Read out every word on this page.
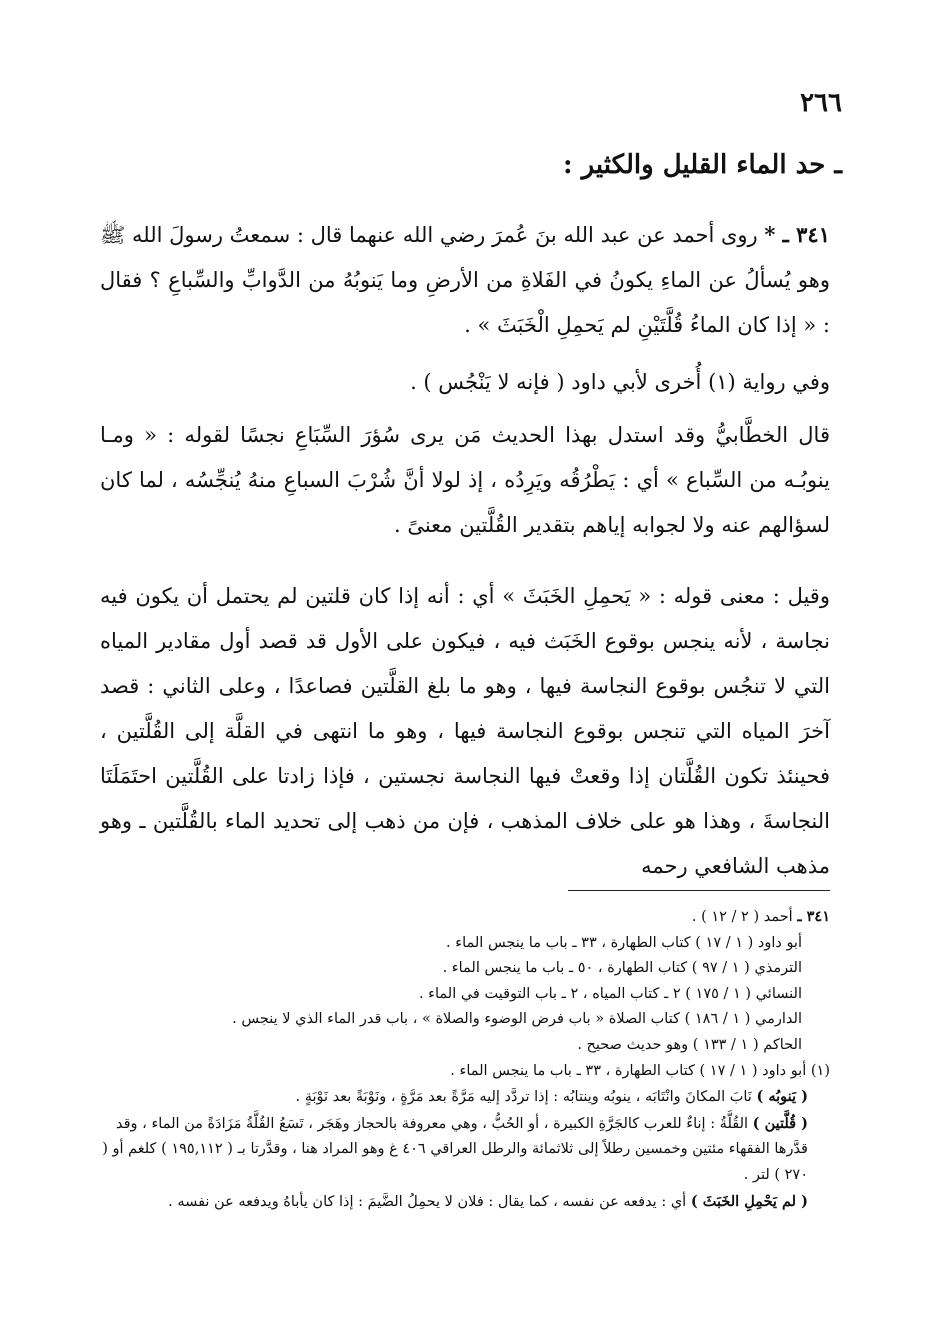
٢٦٦
ـ حد الماء القليل والكثير :

٣٤١ ـ * روى أحمد عن عبد الله بنَ عُمرَ رضي الله عنهما قال : سمعتُ رسولَ الله ﷺ وهو يُسألُ عن الماءِ يكونُ في الفَلاةِ من الأرضِ وما يَنوبُهُ من الدَّوابِّ والسِّباعِ ؟ فقال : « إذا كان الماءُ قُلَّتَيْنِ لم يَحمِلِ الْخَبَثَ » .

وفي رواية (١) أُخرى لأبي داود ( فإنه لا يَنْجُس ) .

قال الخطَّابيُّ وقد استدل بهذا الحديث مَن يرى سُؤرَ السِّبَاعِ نجسًا لقوله : « ومـا ينوبُـه من السِّباع » أي : يَطْرُقُه ويَرِدُه ، إذ لولا أنَّ شُرْبَ السباعِ منهُ يُنجِّسُه ، لما كان لسؤالهم عنه ولا لجوابه إياهم بتقدير القُلَّتين معنىً .

وقيل : معنى قوله : « يَحمِلِ الخَبَثَ » أي : أنه إذا كان قلتين لم يحتمل أن يكون فيه نجاسة ، لأنه ينجس بوقوع الخَبَث فيه ، فيكون على الأول قد قصد أول مقادير المياه التي لا تنجُس بوقوع النجاسة فيها ، وهو ما بلغ القلَّتين فصاعدًا ، وعلى الثاني : قصد آخرَ المياه التي تنجس بوقوع النجاسة فيها ، وهو ما انتهى في القلَّة إلى القُلَّتين ، فحينئذ تكون القُلَّتان إذا وقعتْ فيها النجاسة نجستين ، فإذا زادتا على القُلَّتين احتَمَلَتَا النجاسةَ ، وهذا هو على خلاف المذهب ، فإن من ذهب إلى تحديد الماء بالقُلَّتين ـ وهو مذهب الشافعي رحمه

٣٤١ ـ أحمد ( ٢ / ١٢ ) .

أبو داود ( ١ / ١٧ ) كتاب الطهارة ، ٣٣ ـ باب ما ينجس الماء .

الترمذي ( ١ / ٩٧ ) كتاب الطهارة ، ٥٠ ـ باب ما ينجس الماء .

النسائي ( ١ / ١٧٥ ) ٢ ـ كتاب المياه ، ٢ ـ باب التوقيت في الماء .

الدارمي ( ١ / ١٨٦ ) كتاب الصلاة « باب فرض الوضوء والصلاة » ، باب قدر الماء الذي لا ينجس .

الحاكم ( ١ / ١٣٣ ) وهو حديث صحيح .

(١) أبو داود ( ١ / ١٧ ) كتاب الطهارة ، ٣٣ ـ باب ما ينجس الماء .

( يَنوبُه ) نَابَ المكانَ وانْتَابَه ، ينوبُه وينتابُه : إذا تردَّد إليه مَرَّةً بعد مَرَّةٍ ، ونَوْبَةً بعد نَوْبَةٍ .

( قُلَّتين ) القُلَّةُ : إناءٌ للعرب كالجَرَّةِ الكبيرة ، أو الحُبُّ ، وهي معروفة بالحجاز وهَجَر ، تَسَعُ القُلَّةُ مَزَادَةً من الماء ، وقد قدَّرها الفقهاء مئتين وخمسين رطلاً إلى ثلاثمائة والرطل العراقي ٤٠٦ غ وهو المراد هنا ، وقدَّرتا بـ ( ١٩٥,١١٢ ) كلغم أو ( ٢٧٠ ) لتر .

( لم يَحْمِلِ الخَبَثَ ) أي : يدفعه عن نفسه ، كما يقال : فلان لا يحمِلُ الضَّيمَ : إذا كان يأباهُ ويدفعه عن نفسه .
